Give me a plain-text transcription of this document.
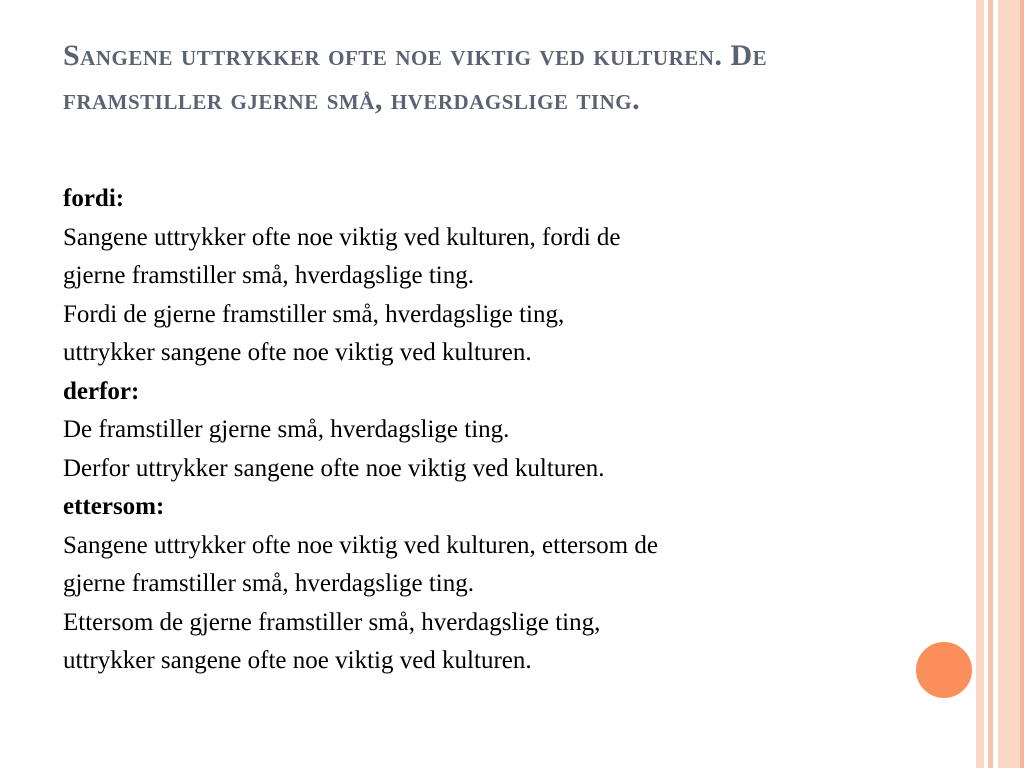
Sangene uttrykker ofte noe viktig ved kulturen. De framstiller gjerne små, hverdagslige ting.
fordi:
Sangene uttrykker ofte noe viktig ved kulturen, fordi de
gjerne framstiller små, hverdagslige ting.
Fordi de gjerne framstiller små, hverdagslige ting,
uttrykker sangene ofte noe viktig ved kulturen.
derfor:
De framstiller gjerne små, hverdagslige ting.
Derfor uttrykker sangene ofte noe viktig ved kulturen.
ettersom:
Sangene uttrykker ofte noe viktig ved kulturen, ettersom de
gjerne framstiller små, hverdagslige ting.
Ettersom de gjerne framstiller små, hverdagslige ting,
uttrykker sangene ofte noe viktig ved kulturen.
